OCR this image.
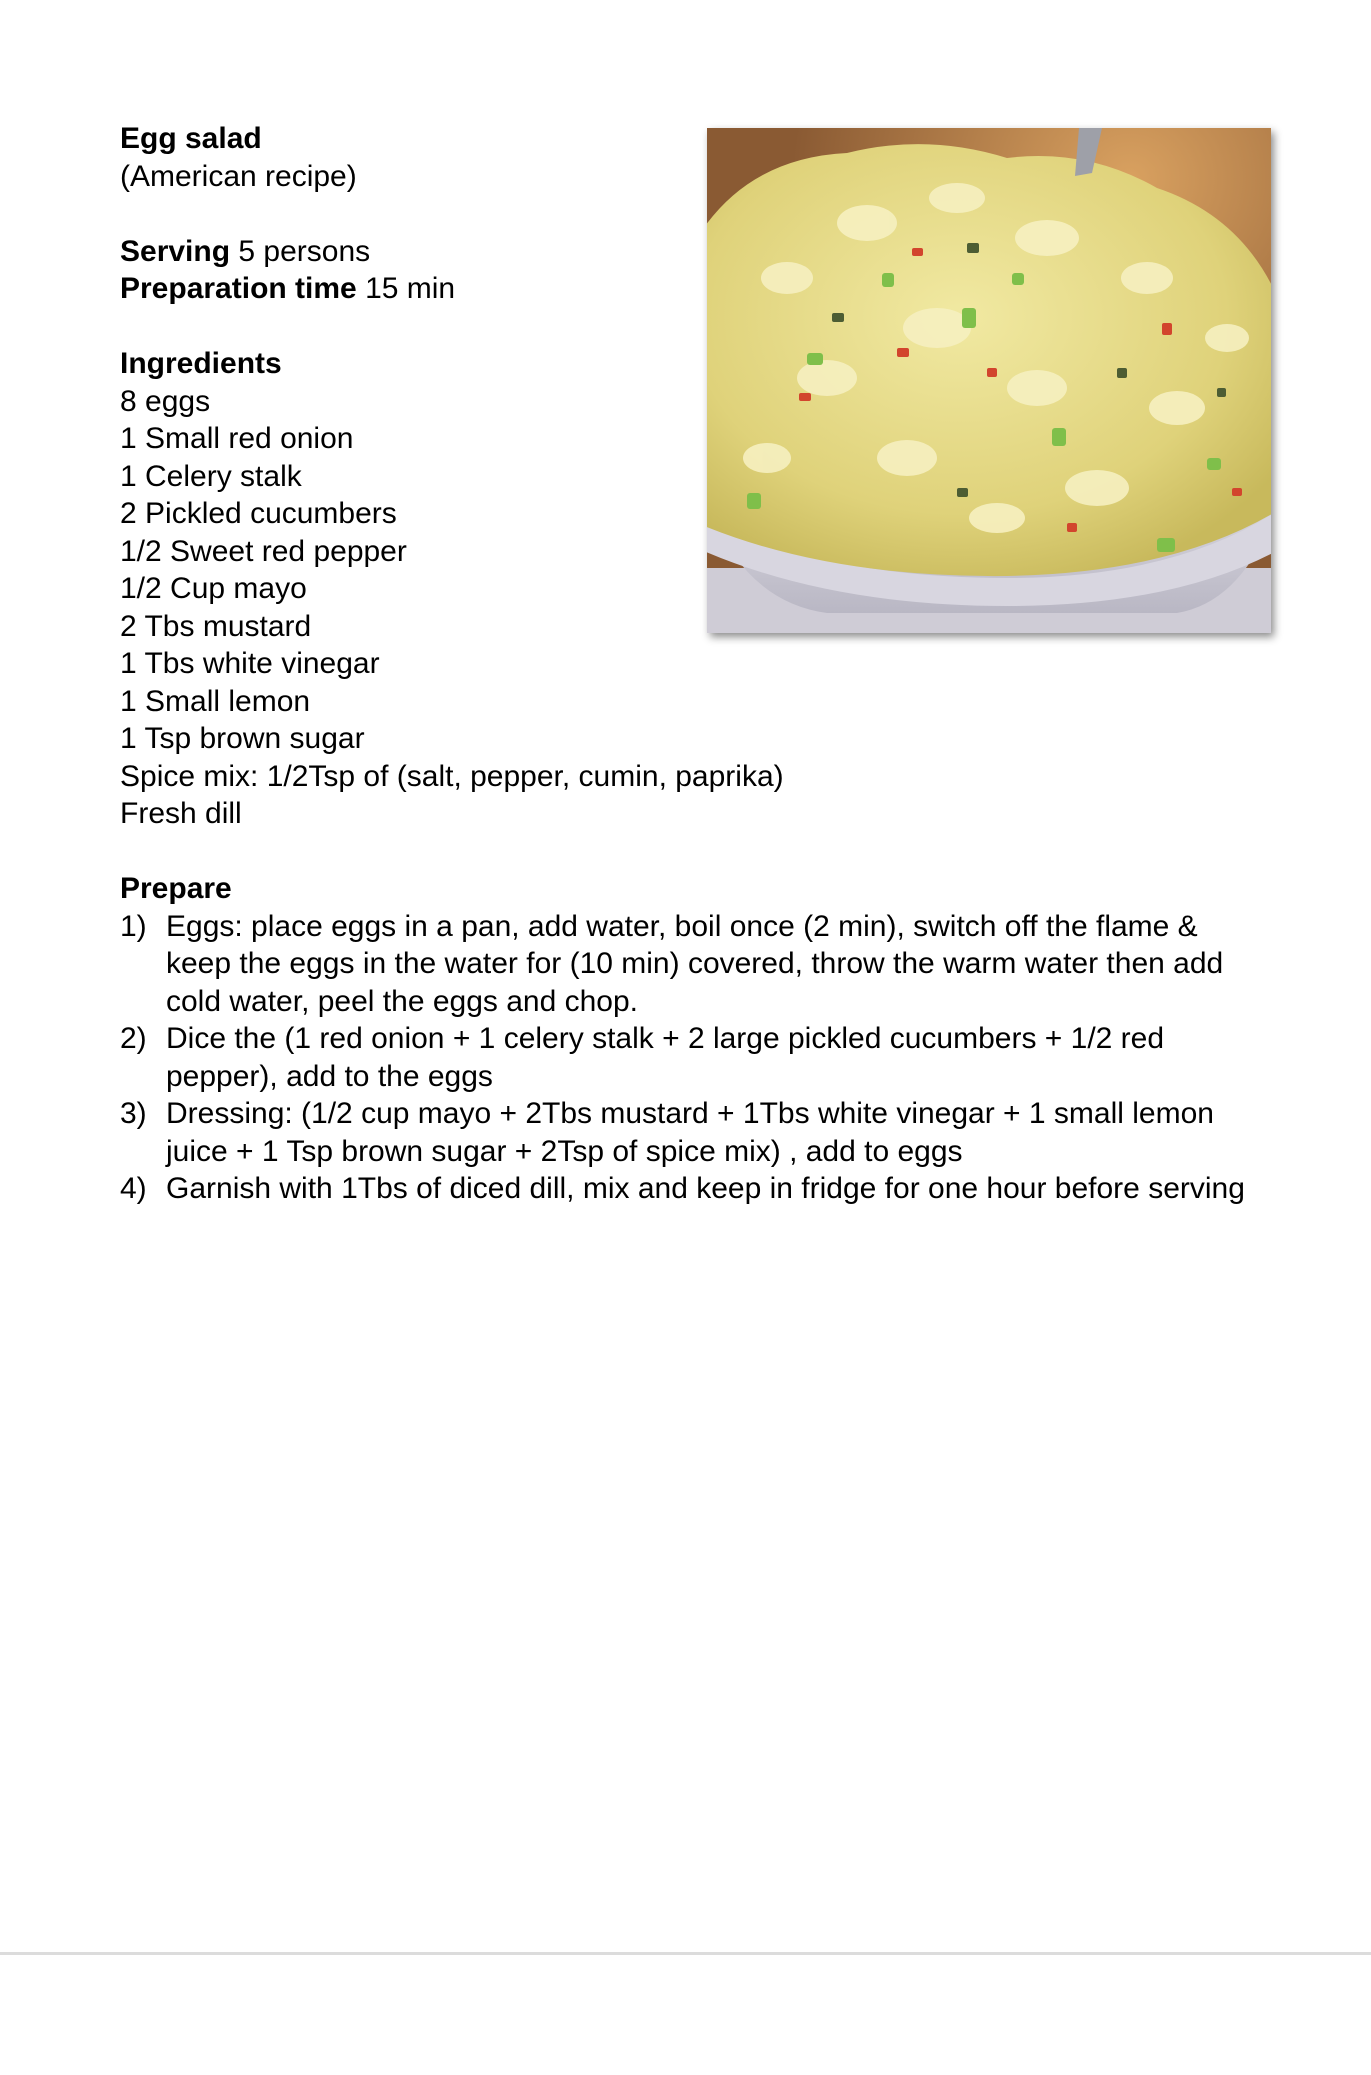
Egg salad
(American recipe)
Serving 5 persons
Preparation time 15 min
Ingredients
8 eggs
1 Small red onion
1 Celery stalk
2 Pickled cucumbers
1/2 Sweet red pepper
1/2 Cup mayo
2 Tbs mustard
1 Tbs white vinegar
1 Small lemon
1 Tsp brown sugar
Spice mix: 1/2Tsp of (salt, pepper, cumin, paprika)
Fresh dill
Prepare
1) Eggs: place eggs in a pan, add water, boil once (2 min), switch off the flame & keep the eggs in the water for (10 min) covered, throw the warm water then add cold water, peel the eggs and chop.
2) Dice the (1 red onion + 1 celery stalk + 2 large pickled cucumbers + 1/2 red pepper), add to the eggs
3) Dressing: (1/2 cup mayo + 2Tbs mustard + 1Tbs white vinegar + 1 small lemon juice + 1 Tsp brown sugar + 2Tsp of spice mix) , add to eggs
4) Garnish with 1Tbs of diced dill, mix and keep in fridge for one hour before serving
